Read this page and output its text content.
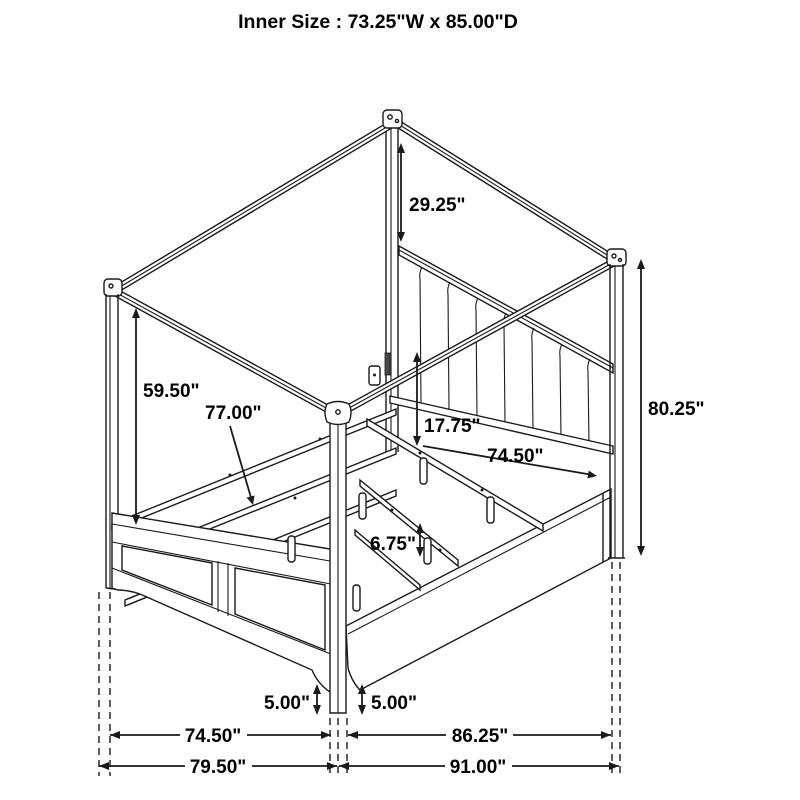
29.25"
59.50"
77.00"
17.75"
74.50"
80.25"
6.75"
5.00"	5.00"
74.50"	86.25"
79.50"	91.00"
Inner Size : 73.25"W x 85.00"D
